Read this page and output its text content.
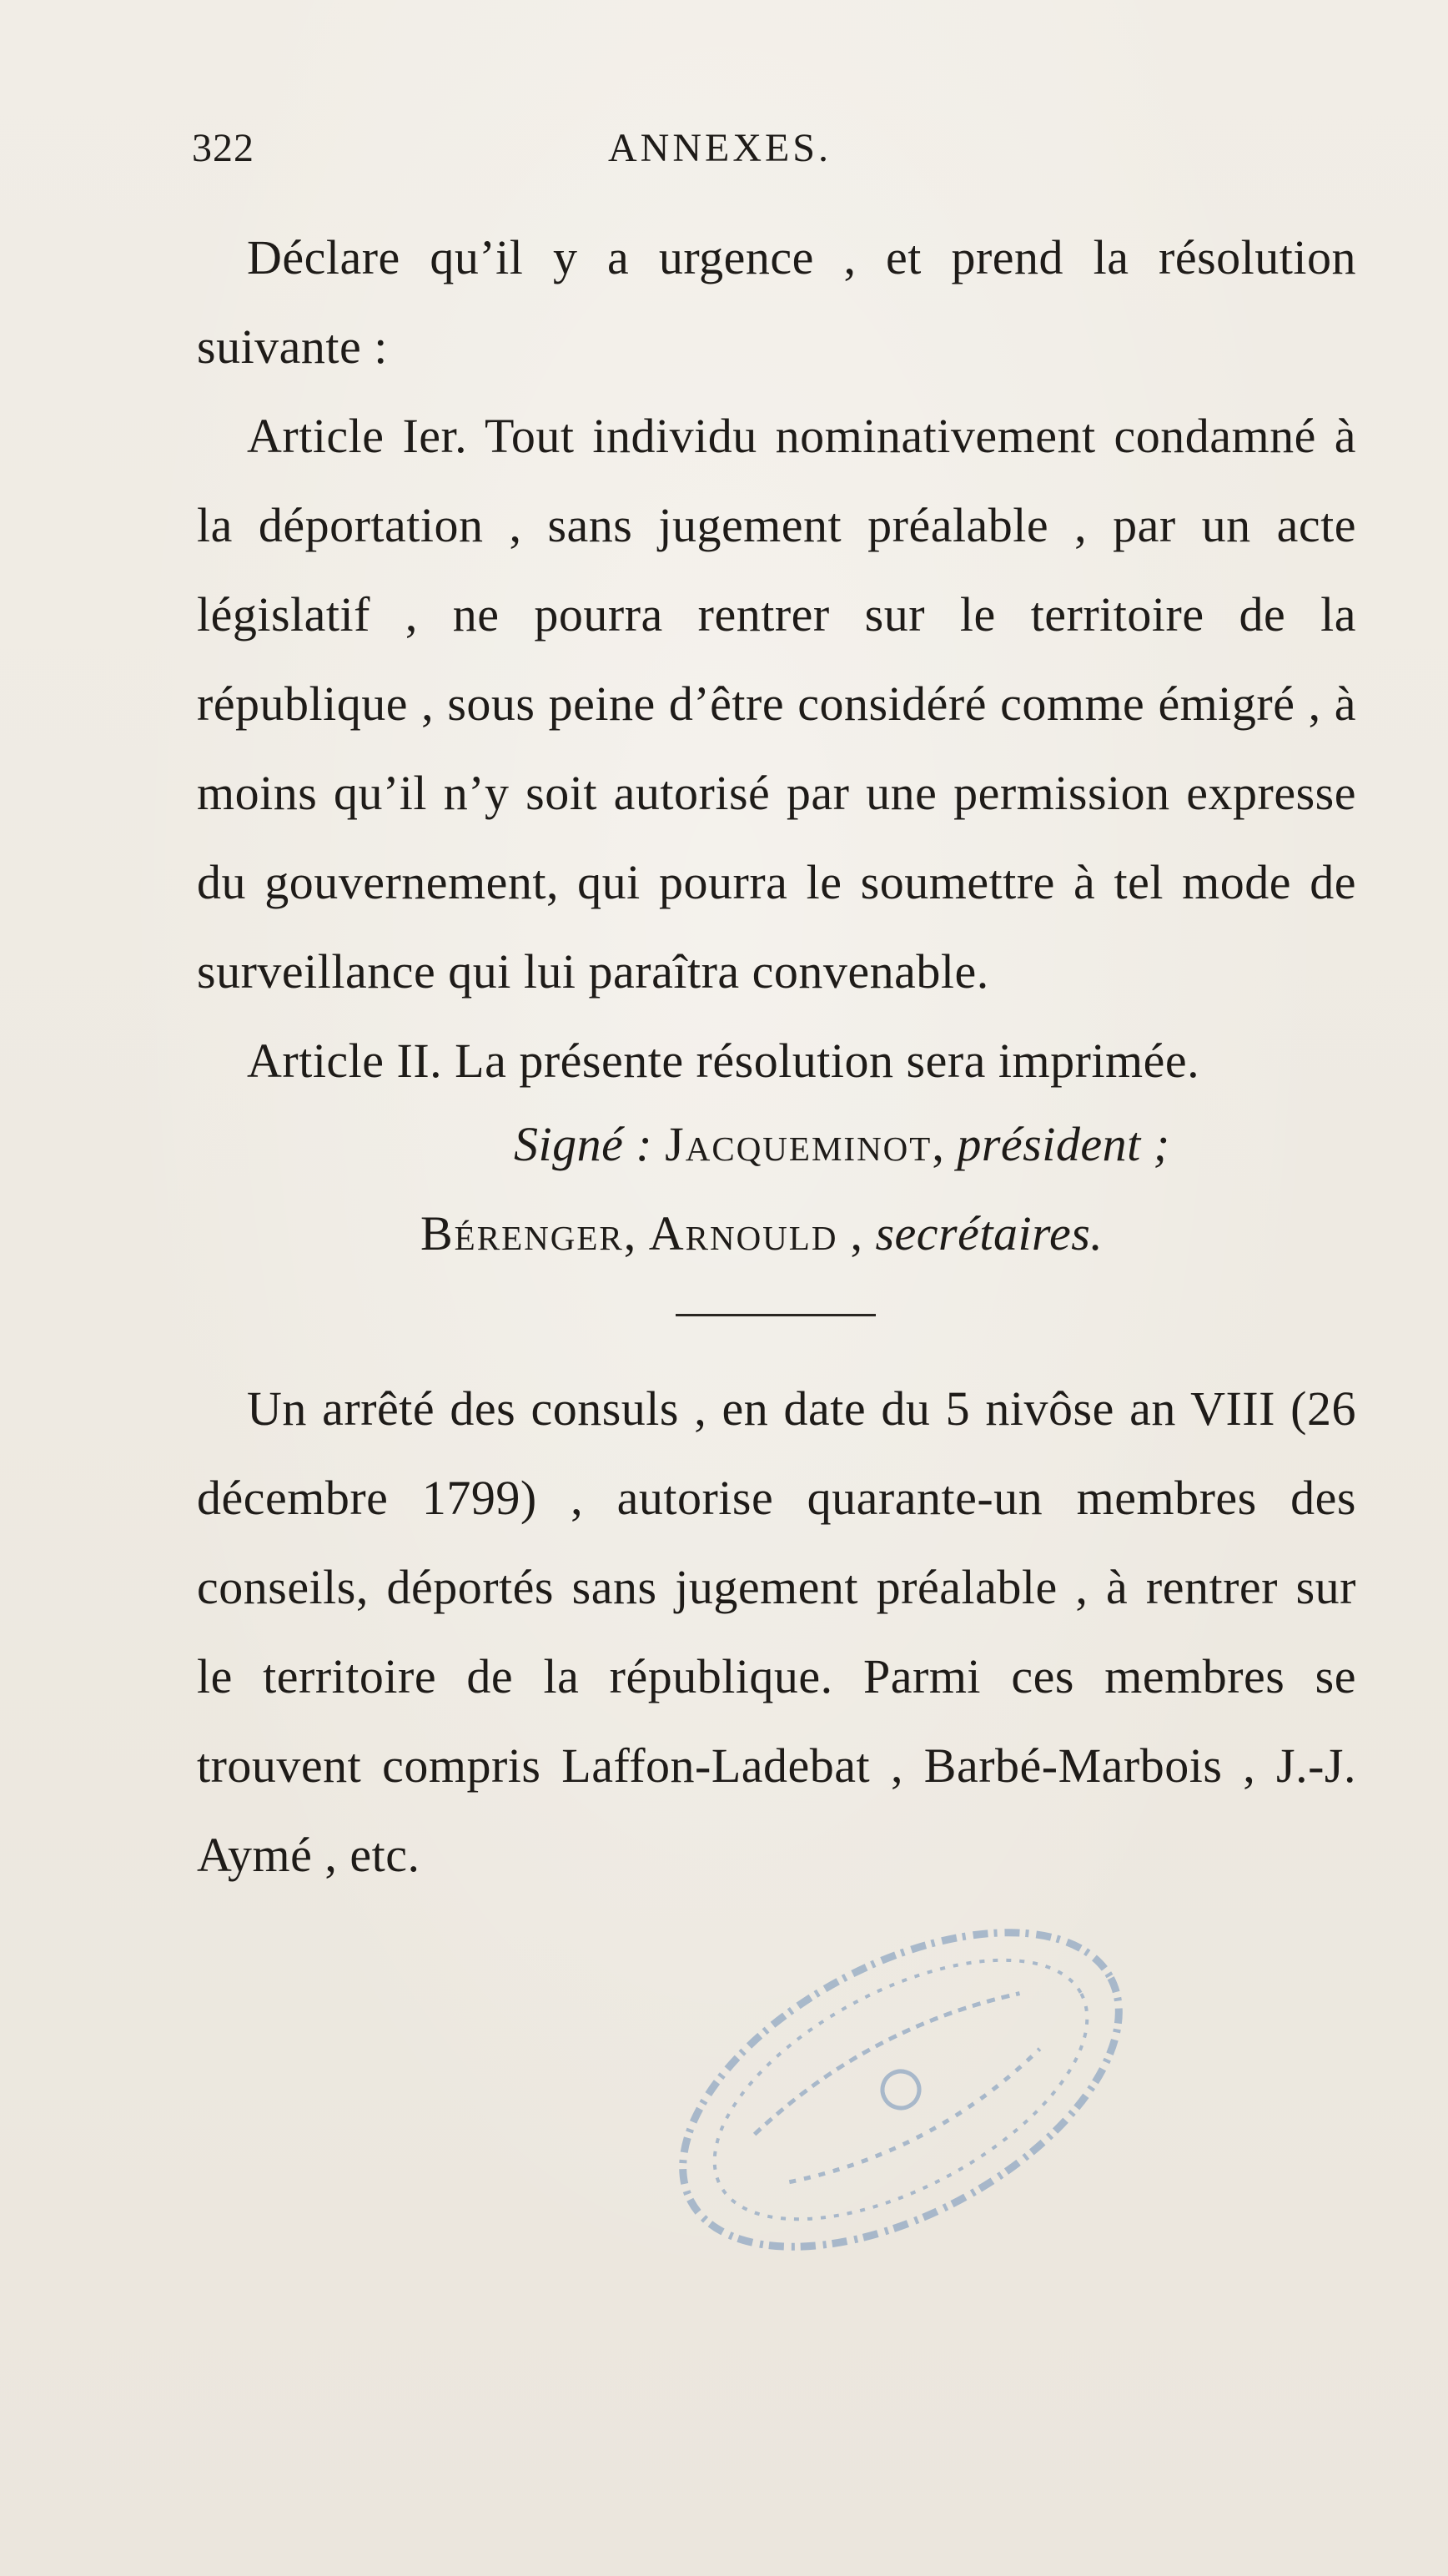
322	ANNEXES.

Déclare qu’il y a urgence , et prend la résolution suivante :

Article Ier. Tout individu nominativement condamné à la déportation , sans jugement préalable , par un acte législatif , ne pourra rentrer sur le territoire de la république , sous peine d’être considéré comme émigré , à moins qu’il n’y soit autorisé par une permission expresse du gouvernement, qui pourra le soumettre à tel mode de surveillance qui lui paraîtra convenable.

Article II. La présente résolution sera imprimée.

Signé : Jacqueminot, président ;
Bérenger, Arnould , secrétaires.

Un arrêté des consuls , en date du 5 nivôse an VIII (26 décembre 1799) , autorise quarante-un membres des conseils, déportés sans jugement préalable , à rentrer sur le territoire de la république. Parmi ces membres se trouvent compris Laffon-Ladebat , Barbé-Marbois , J.-J. Aymé , etc.
